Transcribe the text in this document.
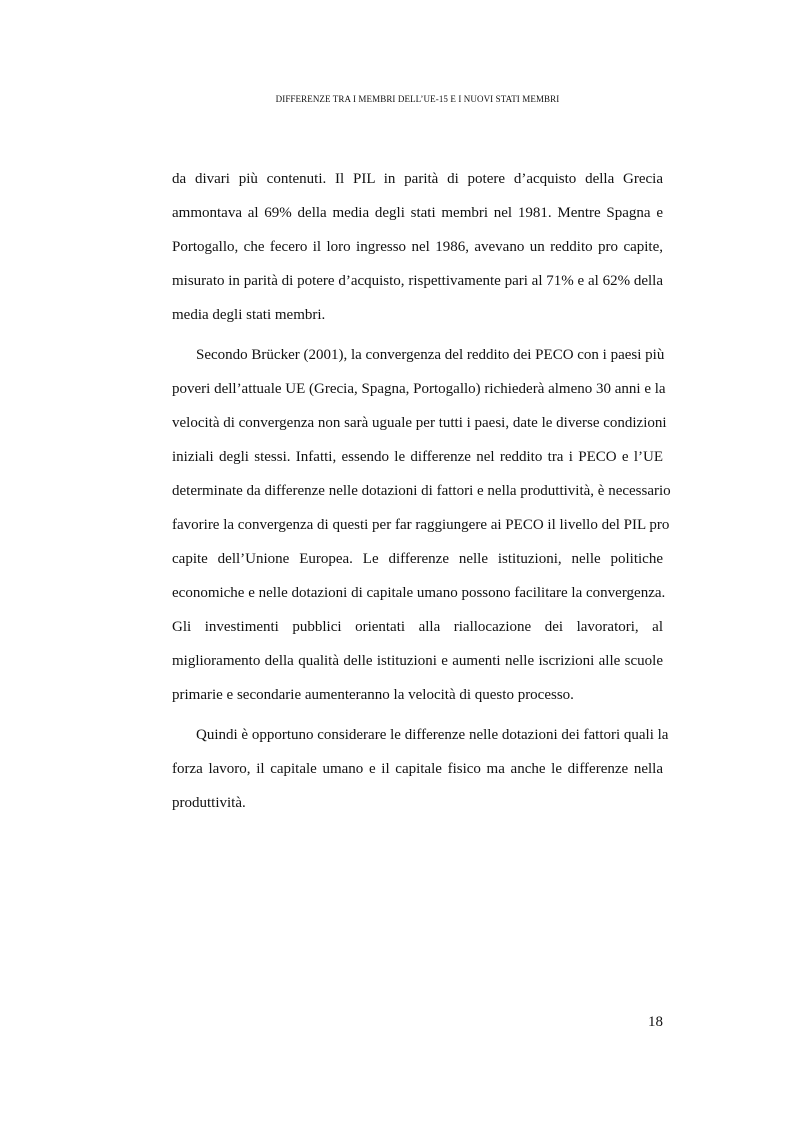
DIFFERENZE TRA I MEMBRI DELL’UE-15 E I NUOVI STATI MEMBRI
da divari più contenuti. Il PIL in parità di potere d’acquisto della Grecia
ammontava al 69% della media degli stati membri nel 1981. Mentre Spagna e
Portogallo, che fecero il loro ingresso nel 1986, avevano un reddito pro capite,
misurato in parità di potere d’acquisto, rispettivamente pari al 71% e al 62% della
media degli stati membri.
Secondo Brücker (2001), la convergenza del reddito dei PECO con i paesi più
poveri dell’attuale UE (Grecia, Spagna, Portogallo) richiederà almeno 30 anni e la
velocità di convergenza non sarà uguale per tutti i paesi, date le diverse condizioni
iniziali degli stessi. Infatti, essendo le differenze nel reddito tra i PECO e l’UE
determinate da differenze nelle dotazioni di fattori e nella produttività, è necessario
favorire la convergenza di questi per far raggiungere ai PECO il livello del PIL pro
capite dell’Unione Europea. Le differenze nelle istituzioni, nelle politiche
economiche e nelle dotazioni di capitale umano possono facilitare la convergenza.
Gli investimenti pubblici orientati alla riallocazione dei lavoratori, al
miglioramento della qualità delle istituzioni e aumenti nelle iscrizioni alle scuole
primarie e secondarie aumenteranno la velocità di questo processo.
Quindi è opportuno considerare le differenze nelle dotazioni dei fattori quali la
forza lavoro, il capitale umano e il capitale fisico ma anche le differenze nella
produttività.
18
